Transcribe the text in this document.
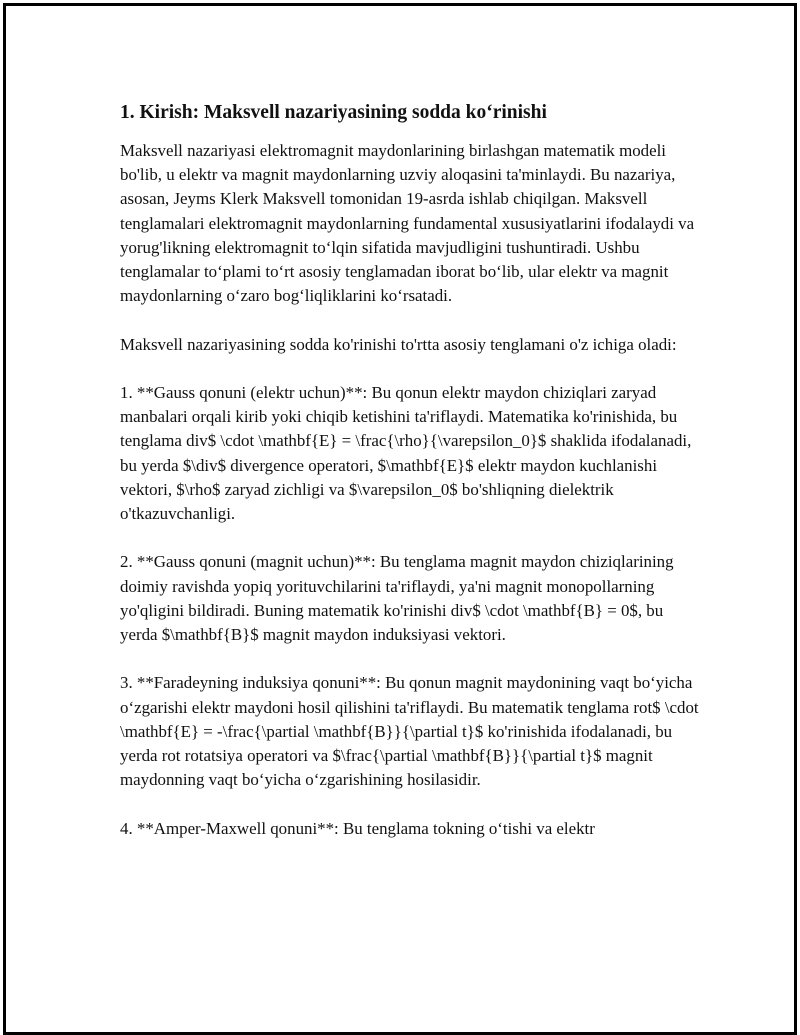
1. Kirish: Maksvell nazariyasining sodda ko‘rinishi

Maksvell nazariyasi elektromagnit maydonlarining birlashgan matematik modeli bo'lib, u elektr va magnit maydonlarning uzviy aloqasini ta'minlaydi. Bu nazariya, asosan, Jeyms Klerk Maksvell tomonidan 19-asrda ishlab chiqilgan. Maksvell tenglamalari elektromagnit maydonlarning fundamental xususiyatlarini ifodalaydi va yorug'likning elektromagnit to‘lqin sifatida mavjudligini tushuntiradi. Ushbu tenglamalar to‘plami to‘rt asosiy tenglamadan iborat bo‘lib, ular elektr va magnit maydonlarning o‘zaro bog‘liqliklarini ko‘rsatadi.

Maksvell nazariyasining sodda ko'rinishi to'rtta asosiy tenglamani o'z ichiga oladi:

1. **Gauss qonuni (elektr uchun)**: Bu qonun elektr maydon chiziqlari zaryad manbalari orqali kirib yoki chiqib ketishini ta'riflaydi. Matematika ko'rinishida, bu tenglama div$ \cdot \mathbf{E} = \frac{\rho}{\varepsilon_0}$ shaklida ifodalanadi, bu yerda $\div$ divergence operatori, $\mathbf{E}$ elektr maydon kuchlanishi vektori, $\rho$ zaryad zichligi va $\varepsilon_0$ bo'shliqning dielektrik o'tkazuvchanligi.

2. **Gauss qonuni (magnit uchun)**: Bu tenglama magnit maydon chiziqlarining doimiy ravishda yopiq yorituvchilarini ta'riflaydi, ya'ni magnit monopollarning yo'qligini bildiradi. Buning matematik ko'rinishi div$ \cdot \mathbf{B} = 0$, bu yerda $\mathbf{B}$ magnit maydon induksiyasi vektori.

3. **Faradeyning induksiya qonuni**: Bu qonun magnit maydonining vaqt bo‘yicha o‘zgarishi elektr maydoni hosil qilishini ta'riflaydi. Bu matematik tenglama rot$ \cdot \mathbf{E} = -\frac{\partial \mathbf{B}}{\partial t}$ ko'rinishida ifodalanadi, bu yerda rot rotatsiya operatori va $\frac{\partial \mathbf{B}}{\partial t}$ magnit maydonning vaqt bo‘yicha o‘zgarishining hosilasidir.

4. **Amper-Maxwell qonuni**: Bu tenglama tokning o‘tishi va elektr
